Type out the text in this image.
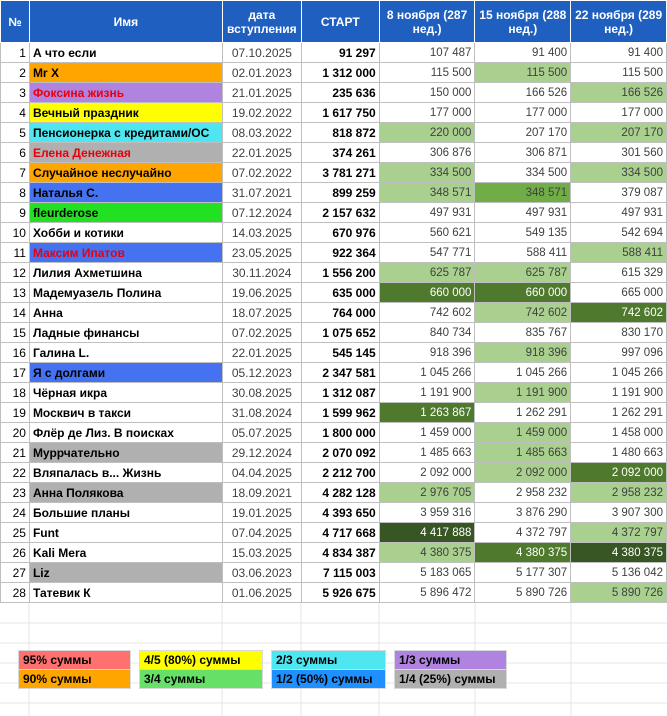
№	Имя	дата вступления	СТАРТ	8 ноября (287 нед.)	15 ноября (288 нед.)	22 ноября (289 нед.)
1	А что если	07.10.2025	91 297	107 487	91 400	91 400
2	Mr X	02.01.2023	1 312 000	115 500	115 500	115 500
3	Фоксина жизнь	21.01.2025	235 636	150 000	166 526	166 526
4	Вечный праздник	19.02.2022	1 617 750	177 000	177 000	177 000
5	Пенсионерка с кредитами/ОС	08.03.2022	818 872	220 000	207 170	207 170
6	Елена Денежная	22.01.2025	374 261	306 876	306 871	301 560
7	Случайное неслучайно	07.02.2022	3 781 271	334 500	334 500	334 500
8	Наталья С.	31.07.2021	899 259	348 571	348 571	379 087
9	fleurderose	07.12.2024	2 157 632	497 931	497 931	497 931
10	Хобби и котики	14.03.2025	670 976	560 621	549 135	542 694
11	Максим Ипатов	23.05.2025	922 364	547 771	588 411	588 411
12	Лилия Ахметшина	30.11.2024	1 556 200	625 787	625 787	615 329
13	Мадемуазель Полина	19.06.2025	635 000	660 000	660 000	665 000
14	Анна	18.07.2025	764 000	742 602	742 602	742 602
15	Ладные финансы	07.02.2025	1 075 652	840 734	835 767	830 170
16	Галина L.	22.01.2025	545 145	918 396	918 396	997 096
17	Я с долгами	05.12.2023	2 347 581	1 045 266	1 045 266	1 045 266
18	Чёрная икра	30.08.2025	1 312 087	1 191 900	1 191 900	1 191 900
19	Москвич в такси	31.08.2024	1 599 962	1 263 867	1 262 291	1 262 291
20	Флёр де Лиз. В поисках	05.07.2025	1 800 000	1 459 000	1 459 000	1 458 000
21	Муррчательно	29.12.2024	2 070 092	1 485 663	1 485 663	1 480 663
22	Вляпалась в... Жизнь	04.04.2025	2 212 700	2 092 000	2 092 000	2 092 000
23	Анна Полякова	18.09.2021	4 282 128	2 976 705	2 958 232	2 958 232
24	Большие планы	19.01.2025	4 393 650	3 959 316	3 876 290	3 907 300
25	Funt	07.04.2025	4 717 668	4 417 888	4 372 797	4 372 797
26	Kali Mera	15.03.2025	4 834 387	4 380 375	4 380 375	4 380 375
27	Liz	03.06.2023	7 115 003	5 183 065	5 177 307	5 136 042
28	Татевик К	01.06.2025	5 926 675	5 896 472	5 890 726	5 890 726
95% суммы		4/5 (80%) суммы		2/3 суммы		1/3 суммы
90% суммы		3/4 суммы		1/2 (50%) суммы		1/4 (25%) суммы
